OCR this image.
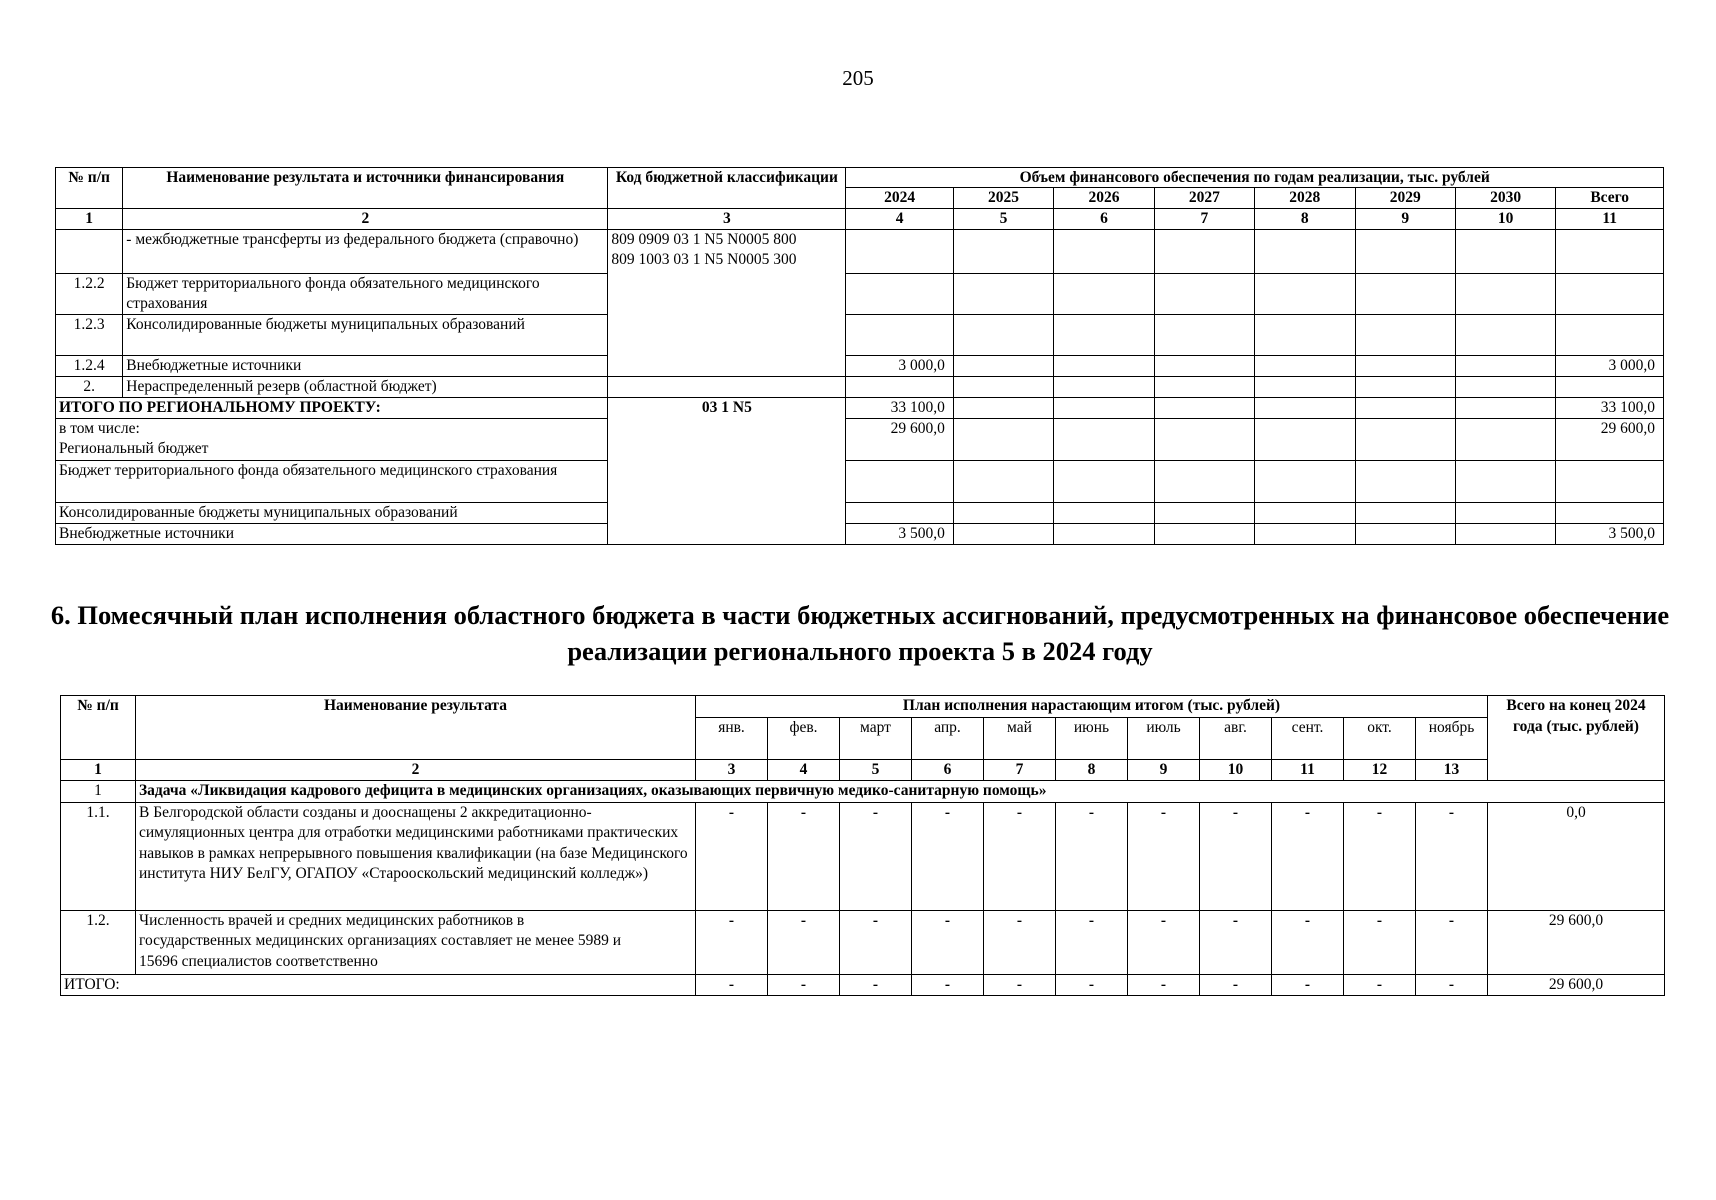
205
№ п/п	Наименование результата и источники финансирования	Код бюджетной классификации	Объем финансового обеспечения по годам реализации, тыс. рублей							
			2024	2025	2026	2027	2028	2029	2030	Всего
1	2	3	4	5	6	7	8	9	10	11
	- межбюджетные трансферты из федерального бюджета (справочно)	809 0909 03 1 N5 N0005 800
809 1003 03 1 N5 N0005 300								

1.2.2	Бюджет территориального фонда обязательного медицинского страхования									
1.2.3	Консолидированные бюджеты муниципальных образований									
1.2.4	Внебюджетные источники		3 000,0							3 000,0
2.	Нераспределенный резерв (областной бюджет)									
ИТОГО ПО РЕГИОНАЛЬНОМУ ПРОЕКТУ:		03 1 N5	33 100,0							33 100,0

в том числе:
Региональный бюджет			29 600,0							29 600,0
Бюджет территориального фонда обязательного медицинского страхования										
Консолидированные бюджеты муниципальных образований										
Внебюджетные источники			3 500,0							3 500,0
6. Помесячный план исполнения областного бюджета в части бюджетных ассигнований, предусмотренных на финансовое обеспечение реализации регионального проекта 5 в 2024 году
№ п/п	Наименование результата	План исполнения нарастающим итогом (тыс. рублей)											Всего на конец 2024 года (тыс. рублей)
		янв.	фев.	март	апр.	май	июнь	июль	авг.	сент.	окт.	ноябрь	
1	2	3	4	5	6	7	8	9	10	11	12	13	
1	Задача «Ликвидация кадрового дефицита в медицинских организациях, оказывающих первичную медико-санитарную помощь»												
1.1.	В Белгородской области созданы и дооснащены 2 аккредитационно-симуляционных центра для отработки медицинскими работниками практических навыков в рамках непрерывного повышения квалификации (на базе Медицинского института НИУ БелГУ, ОГАПОУ «Старооскольский медицинский колледж»)	-	-	-	-	-	-	-	-	-	-	-	0,0
1.2.	Численность врачей и средних медицинских работников в государственных медицинских организациях составляет не менее 5989 и 15696 специалистов соответственно	-	-	-	-	-	-	-	-	-	-	-	29 600,0
ИТОГО:		-	-	-	-	-	-	-	-	-	-	-	29 600,0
